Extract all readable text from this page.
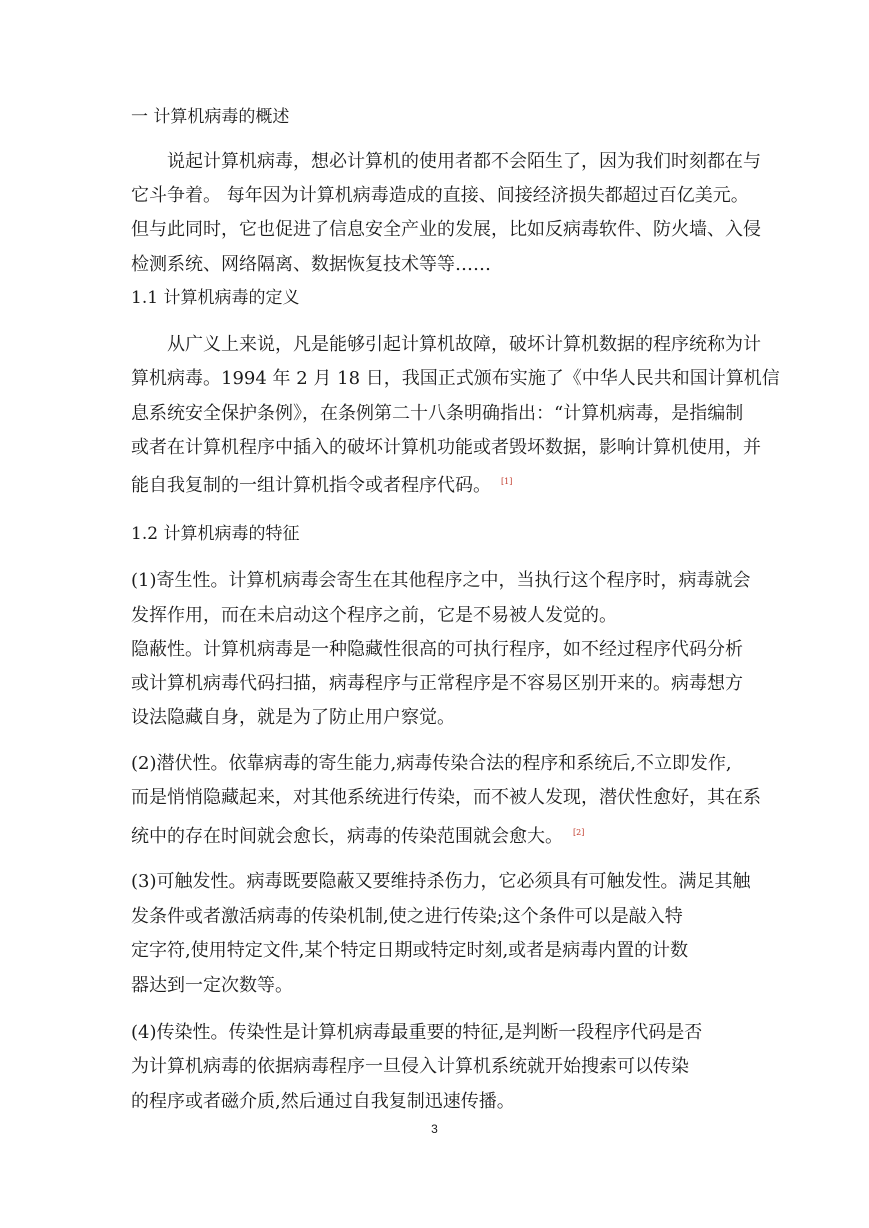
一 计算机病毒的概述
说起计算机病毒，想必计算机的使用者都不会陌生了，因为我们时刻都在与
它斗争着。 每年因为计算机病毒造成的直接、间接经济损失都超过百亿美元。
但与此同时，它也促进了信息安全产业的发展，比如反病毒软件、防火墙、入侵
检测系统、网络隔离、数据恢复技术等等……
1.1 计算机病毒的定义
从广义上来说，凡是能够引起计算机故障，破坏计算机数据的程序统称为计
算机病毒。1994 年 2 月 18 日，我国正式颁布实施了《中华人民共和国计算机信
息系统安全保护条例》，在条例第二十八条明确指出：“计算机病毒，是指编制
或者在计算机程序中插入的破坏计算机功能或者毁坏数据，影响计算机使用，并
能自我复制的一组计算机指令或者程序代码。 [1]
1.2 计算机病毒的特征
(1)寄生性。计算机病毒会寄生在其他程序之中，当执行这个程序时，病毒就会
发挥作用，而在未启动这个程序之前，它是不易被人发觉的。
隐蔽性。计算机病毒是一种隐藏性很高的可执行程序，如不经过程序代码分析
或计算机病毒代码扫描，病毒程序与正常程序是不容易区别开来的。病毒想方
设法隐藏自身，就是为了防止用户察觉。
(2)潜伏性。依靠病毒的寄生能力,病毒传染合法的程序和系统后,不立即发作,
而是悄悄隐藏起来，对其他系统进行传染，而不被人发现，潜伏性愈好，其在系
统中的存在时间就会愈长，病毒的传染范围就会愈大。 [2]
(3)可触发性。病毒既要隐蔽又要维持杀伤力，它必须具有可触发性。满足其触
发条件或者激活病毒的传染机制,使之进行传染;这个条件可以是敲入特
定字符,使用特定文件,某个特定日期或特定时刻,或者是病毒内置的计数
器达到一定次数等。
(4)传染性。传染性是计算机病毒最重要的特征,是判断一段程序代码是否
为计算机病毒的依据病毒程序一旦侵入计算机系统就开始搜索可以传染
的程序或者磁介质,然后通过自我复制迅速传播。
3
